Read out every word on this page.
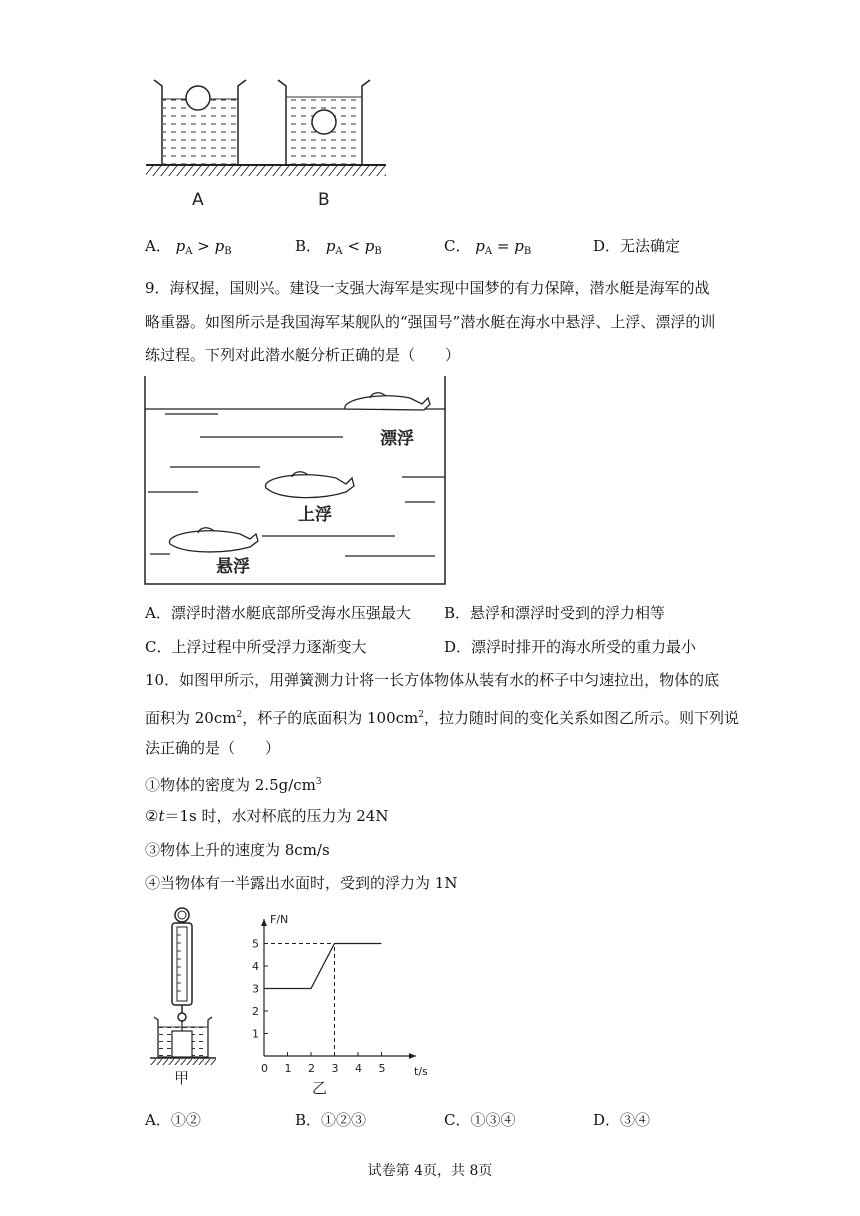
A	B
A． $p_A > p_B$	B． $p_A < p_B$	C． $p_A = p_B$	D．无法确定
9．海权握，国则兴。建设一支强大海军是实现中国梦的有力保障，潜水艇是海军的战
略重器。如图所示是我国海军某舰队的“强国号”潜水艇在海水中悬浮、上浮、漂浮的训
练过程。下列对此潜水艇分析正确的是（　　）
漂浮
上浮
悬浮
A．漂浮时潜水艇底部所受海水压强最大 B．悬浮和漂浮时受到的浮力相等
C．上浮过程中所受浮力逐渐变大	D．漂浮时排开的海水所受的重力最小
10．如图甲所示，用弹簧测力计将一长方体物体从装有水的杯子中匀速拉出，物体的底
面积为 $20cm^2$，杯子的底面积为 $100cm^2$，拉力随时间的变化关系如图乙所示。则下列说
法正确的是（　　）
①物体的密度为 $2.5g/cm^3$
②t＝1s 时，水对杯底的压力为 24N
③物体上升的速度为 8cm/s
④当物体有一半露出水面时，受到的浮力为 1N
甲
0 1 2 3 4 5
1
2
3
4
5
F/N
t/s
乙
A．①②	B．①②③	C．①③④	D．③④
试卷第 4页，共 8页
